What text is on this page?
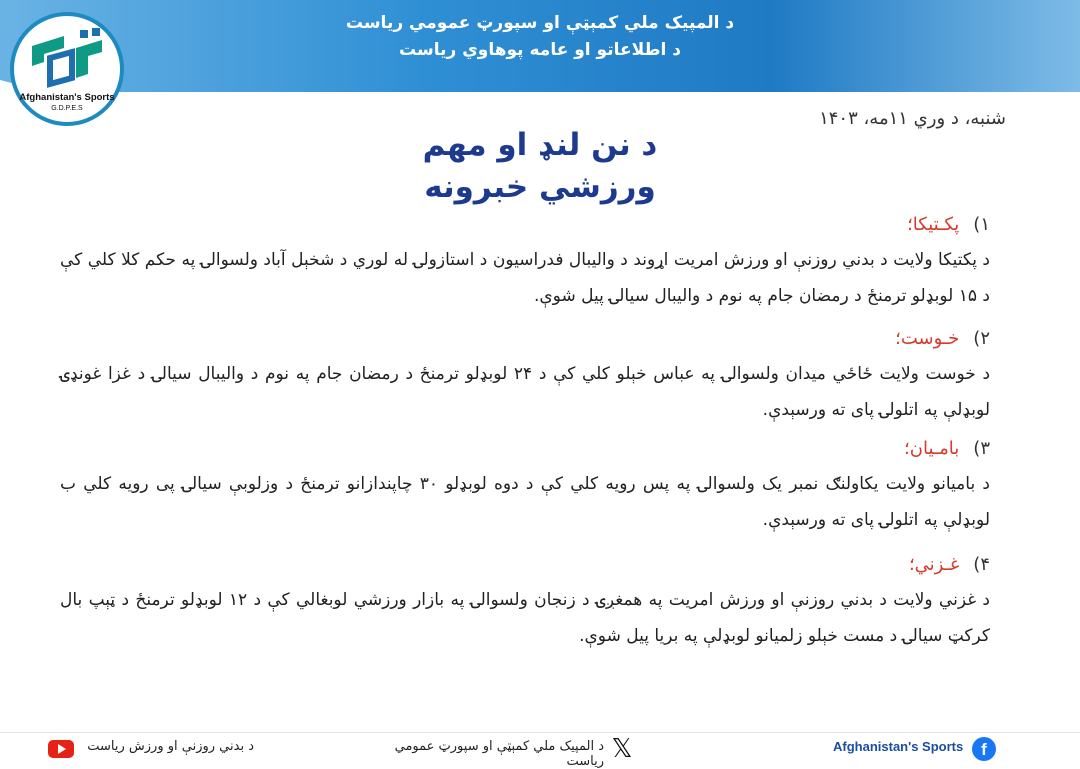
د المپيک ملي کمېټې او سپورټ عمومي رياست
د اطلاعاتو او عامه پوهاوي رياست
Afghanistan's Sports
G.D.P.E.S	شنبه، د وري ۱۱مه، ۱۴۰۳
د نن لنډ او مهم
ورزشي خبرونه
۱)پکـتيکا؛

د پکتيکا ولايت د بدني روزنې او ورزش امريت اړوند د واليبال فدراسيون د استازولۍ له لوري د شخېل آباد ولسوالۍ په حکم کلا کلي کې د ۱۵ لوبډلو ترمنځ د رمضان جام په نوم د واليبال سيالۍ پيل شوې.

۲)خـوست؛

د خوست ولايت ځاځي ميدان ولسوالۍ په عباس خېلو کلي کې د ۲۴ لوبډلو ترمنځ د رمضان جام په نوم د واليبال سيالۍ د غزا غونډۍ لوبډلې په اتلولۍ پای ته ورسېدې.

۳)بامـيان؛

د باميانو ولايت يکاولنګ نمبر يک ولسوالۍ په پس رويه کلي کې د دوه لوبډلو ۳۰ چاپندازانو ترمنځ د وزلوبې سيالۍ پی رويه کلي ب لوبډلې په اتلولۍ پای ته ورسېدې.

۴)غـزني؛

د غزني ولايت د بدني روزنې او ورزش امريت په همغږۍ د زنجان ولسوالۍ په بازار ورزشي لوبغالي کې د ۱۲ لوبډلو ترمنځ د ټېپ بال کرکټ سيالۍ د مست خېلو زلميانو لوبډلې په بريا پيل شوې.

د بدني روزنې او ورزش رياست	د المپيک ملي کمېټې او سپورټ عمومي رياست 𝕏	Afghanistan's Sports	f
